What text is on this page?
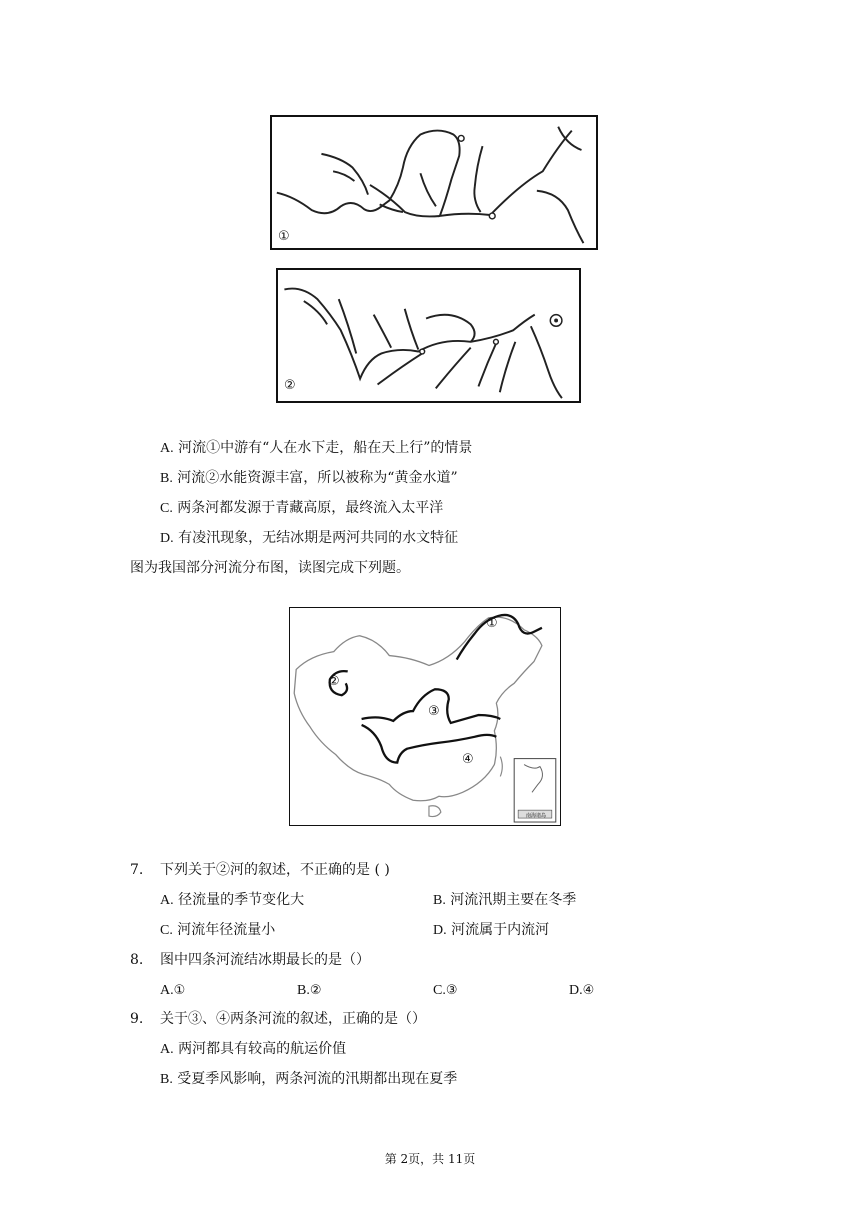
①
②
A. 河流①中游有“人在水下走，船在天上行”的情景
B. 河流②水能资源丰富，所以被称为“黄金水道”
C. 两条河都发源于青藏高原，最终流入太平洋
D. 有凌汛现象，无结冰期是两河共同的水文特征
图为我国部分河流分布图，读图完成下列题。
①
②
③
④
南海诸岛
7. 下列关于②河的叙述，不正确的是 ( )
A. 径流量的季节变化大	B. 河流汛期主要在冬季
C. 河流年径流量小	D. 河流属于内流河
8. 图中四条河流结冰期最长的是（）
A.①	B.②	C.③	D.④
9. 关于③、④两条河流的叙述，正确的是（）
A. 两河都具有较高的航运价值
B. 受夏季风影响，两条河流的汛期都出现在夏季
第 2页，共 11页
